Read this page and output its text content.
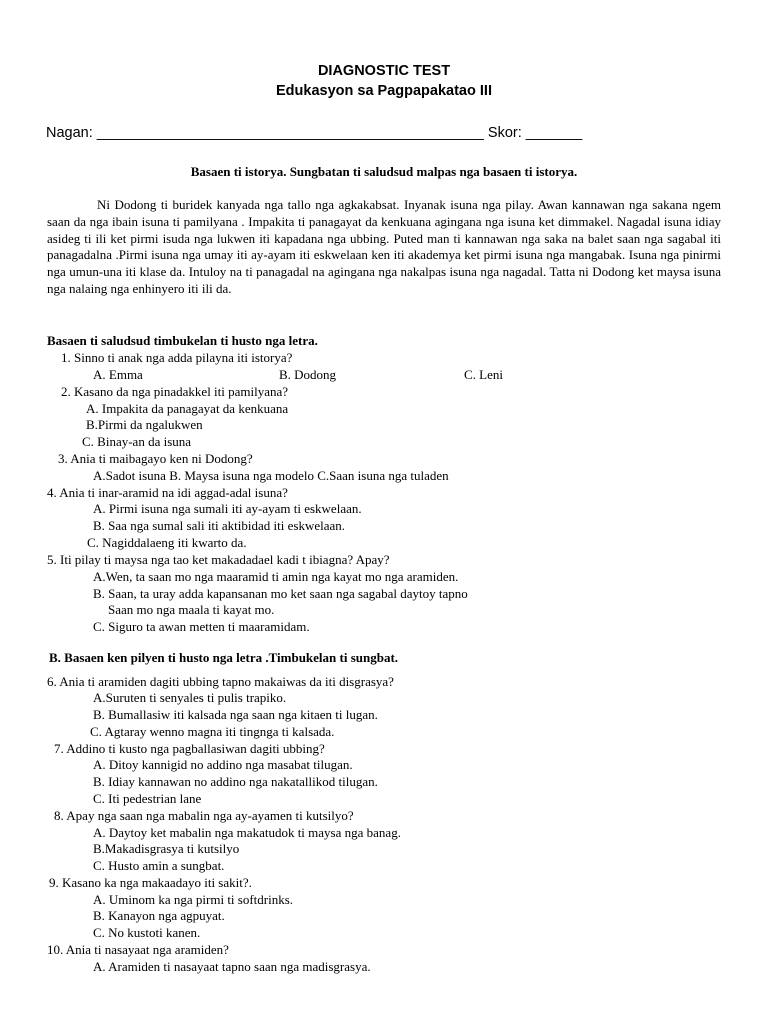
DIAGNOSTIC TEST
Edukasyon sa Pagpapakatao III
Nagan: ________________________________________________ Skor: _______
Basaen ti istorya. Sungbatan ti saludsud malpas nga basaen ti istorya.

Ni Dodong ti buridek kanyada nga tallo nga agkakabsat. Inyanak isuna nga pilay. Awan kannawan nga sakana ngem saan da nga ibain isuna ti pamilyana . Impakita ti panagayat da kenkuana agingana nga isuna ket dimmakel. Nagadal isuna idiay asideg ti ili ket pirmi isuda nga lukwen iti kapadana nga ubbing. Puted man ti kannawan nga saka na balet saan nga sagabal iti panagadalna .Pirmi isuna nga umay iti ay-ayam iti eskwelaan ken iti akademya ket pirmi isuna nga mangabak. Isuna nga pinirmi nga umun-una iti klase da. Intuloy na ti panagadal na agingana nga nakalpas isuna nga nagadal. Tatta ni Dodong ket maysa isuna nga nalaing nga enhinyero iti ili da.

Basaen ti saludsud timbukelan ti husto nga letra.
1. Sinno ti anak nga adda pilayna iti istorya?
A. Emma	B. Dodong	C. Leni
2. Kasano da nga pinadakkel iti pamilyana?
A. Impakita da panagayat da kenkuana
B.Pirmi da ngalukwen
C. Binay-an da isuna
3. Ania ti maibagayo ken ni Dodong?
A.Sadot isuna B. Maysa isuna nga modelo C.Saan isuna nga tuladen
4. Ania ti inar-aramid na idi aggad-adal isuna?
A. Pirmi isuna nga sumali iti ay-ayam ti eskwelaan.
B. Saa nga sumal sali iti aktibidad iti eskwelaan.
C. Nagiddalaeng iti kwarto da.
5. Iti pilay ti maysa nga tao ket makadadael kadi t ibiagna? Apay?
A.Wen, ta saan mo nga maaramid ti amin nga kayat mo nga aramiden.
B. Saan, ta uray adda kapansanan mo ket saan nga sagabal daytoy tapno
Saan mo nga maala ti kayat mo.
C. Siguro ta awan metten ti maaramidam.
B. Basaen ken pilyen ti husto nga letra .Timbukelan ti sungbat.
6. Ania ti aramiden dagiti ubbing tapno makaiwas da iti disgrasya?
A.Suruten ti senyales ti pulis trapiko.
B. Bumallasiw iti kalsada nga saan nga kitaen ti lugan.
C. Agtaray wenno magna iti tingnga ti kalsada.
7. Addino ti kusto nga pagballasiwan dagiti ubbing?
A. Ditoy kannigid no addino nga masabat tilugan.
B. Idiay kannawan no addino nga nakatallikod tilugan.
C. Iti pedestrian lane
8. Apay nga saan nga mabalin nga ay-ayamen ti kutsilyo?
A. Daytoy ket mabalin nga makatudok ti maysa nga banag.
B.Makadisgrasya ti kutsilyo
C. Husto amin a sungbat.
9. Kasano ka nga makaadayo iti sakit?.
A. Uminom ka nga pirmi ti softdrinks.
B. Kanayon nga agpuyat.
C. No kustoti kanen.
10. Ania ti nasayaat nga aramiden?
A. Aramiden ti nasayaat tapno saan nga madisgrasya.
